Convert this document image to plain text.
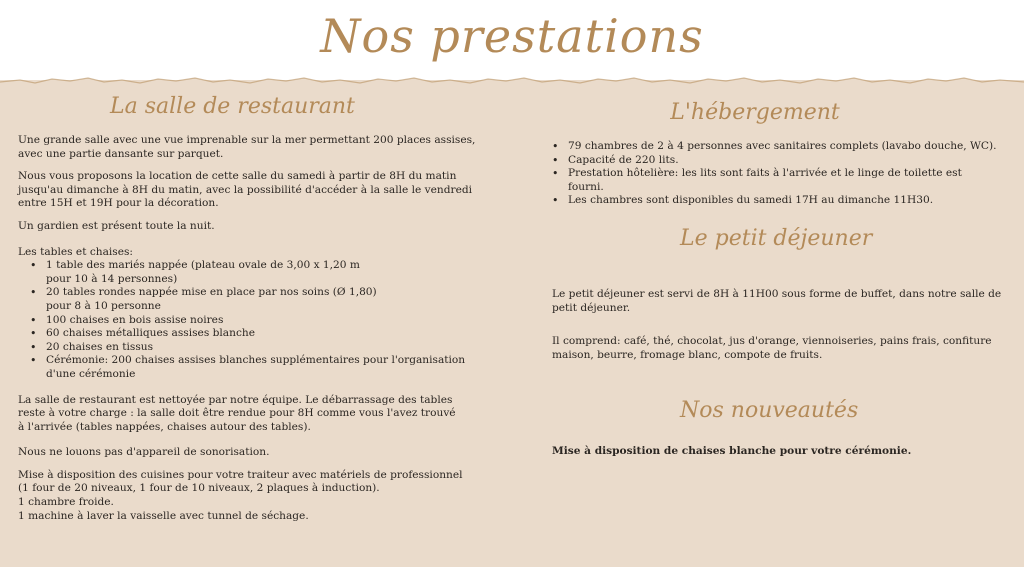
Nos prestations
La salle de restaurant

Une grande salle avec une vue imprenable sur la mer permettant 200 places assises,

avec une partie dansante sur parquet.

Nous vous proposons la location de cette salle du samedi à partir de 8H du matin

jusqu'au dimanche à 8H du matin, avec la possibilité d'accéder à la salle le vendredi

entre 15H et 19H pour la décoration.

Un gardien est présent toute la nuit.

Les tables et chaises:

• 1 table des mariés nappée (plateau ovale de 3,00 x 1,20 m
pour 10 à 14 personnes)
• 20 tables rondes nappée mise en place par nos soins (Ø 1,80)
pour 8 à 10 personne
• 100 chaises en bois assise noires
• 60 chaises métalliques assises blanche
• 20 chaises en tissus
• Cérémonie: 200 chaises assises blanches supplémentaires pour l'organisation
d'une cérémonie

La salle de restaurant est nettoyée par notre équipe. Le débarrassage des tables

reste à votre charge : la salle doit être rendue pour 8H comme vous l'avez trouvé

à l'arrivée (tables nappées, chaises autour des tables).

Nous ne louons pas d'appareil de sonorisation.

Mise à disposition des cuisines pour votre traiteur avec matériels de professionnel

(1 four de 20 niveaux, 1 four de 10 niveaux, 2 plaques à induction).

1 chambre froide.

1 machine à laver la vaisselle avec tunnel de séchage.

L'hébergement
• 79 chambres de 2 à 4 personnes avec sanitaires complets (lavabo douche, WC).
• Capacité de 220 lits.
• Prestation hôtelière: les lits sont faits à l'arrivée et le linge de toilette est fourni.
• Les chambres sont disponibles du samedi 17H au dimanche 11H30.
Le petit déjeuner

Le petit déjeuner est servi de 8H à 11H00 sous forme de buffet, dans notre salle de

petit déjeuner.

Il comprend: café, thé, chocolat, jus d'orange, viennoiseries, pains frais, confiture

maison, beurre, fromage blanc, compote de fruits.

Nos nouveautés

Mise à disposition de chaises blanche pour votre cérémonie.
